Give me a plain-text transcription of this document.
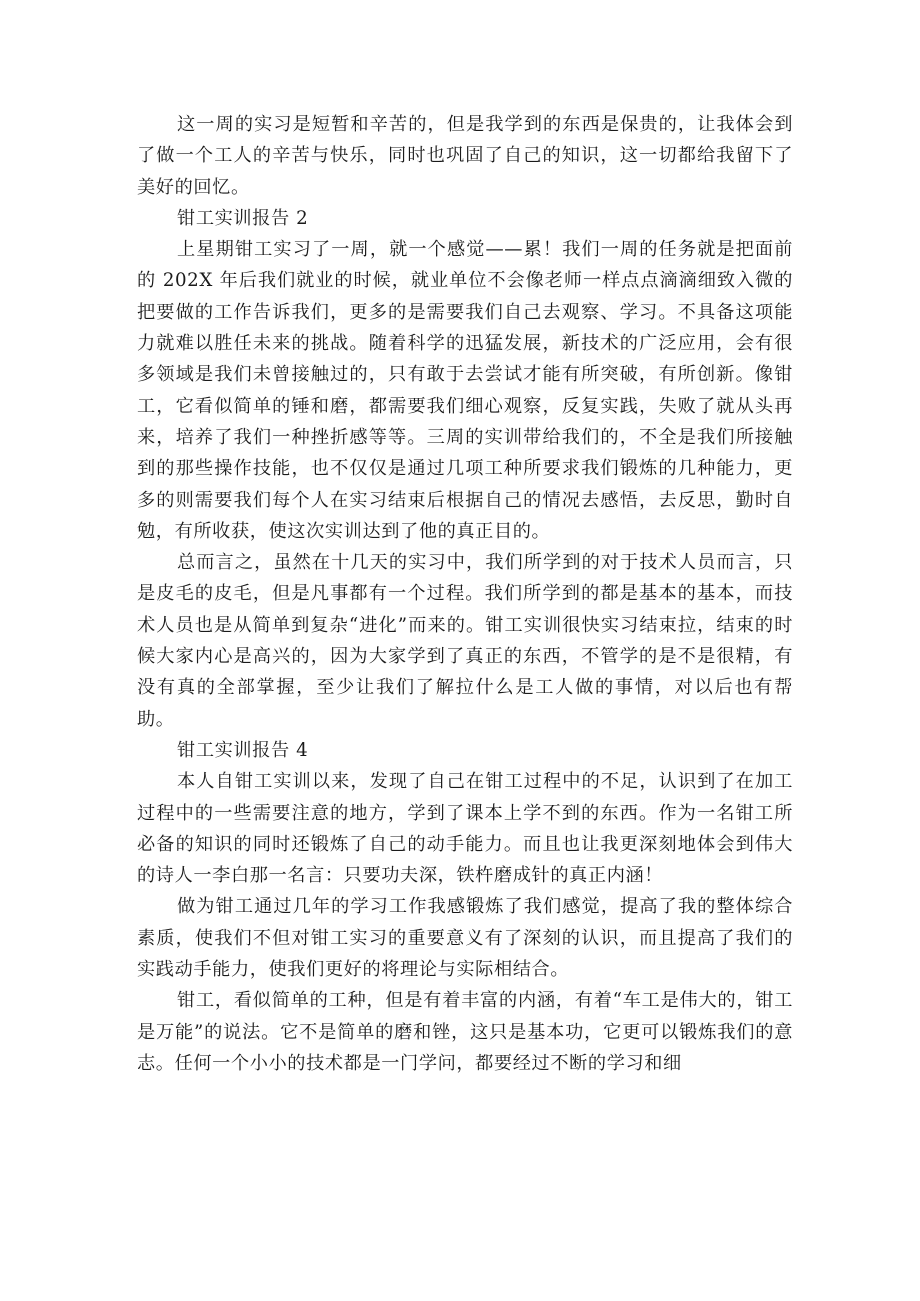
这一周的实习是短暂和辛苦的，但是我学到的东西是保贵的，让我体会到了做一个工人的辛苦与快乐，同时也巩固了自己的知识，这一切都给我留下了美好的回忆。

钳工实训报告 2

上星期钳工实习了一周，就一个感觉——累！我们一周的任务就是把面前的 202X 年后我们就业的时候，就业单位不会像老师一样点点滴滴细致入微的把要做的工作告诉我们，更多的是需要我们自己去观察、学习。不具备这项能力就难以胜任未来的挑战。随着科学的迅猛发展，新技术的广泛应用，会有很多领域是我们未曾接触过的，只有敢于去尝试才能有所突破，有所创新。像钳工，它看似简单的锤和磨，都需要我们细心观察，反复实践，失败了就从头再来，培养了我们一种挫折感等等。三周的实训带给我们的，不全是我们所接触到的那些操作技能，也不仅仅是通过几项工种所要求我们锻炼的几种能力，更多的则需要我们每个人在实习结束后根据自己的情况去感悟，去反思，勤时自勉，有所收获，使这次实训达到了他的真正目的。

总而言之，虽然在十几天的实习中，我们所学到的对于技术人员而言，只是皮毛的皮毛，但是凡事都有一个过程。我们所学到的都是基本的基本，而技术人员也是从简单到复杂“进化”而来的。钳工实训很快实习结束拉，结束的时候大家内心是高兴的，因为大家学到了真正的东西，不管学的是不是很精，有没有真的全部掌握，至少让我们了解拉什么是工人做的事情，对以后也有帮助。

钳工实训报告 4

本人自钳工实训以来，发现了自己在钳工过程中的不足，认识到了在加工过程中的一些需要注意的地方，学到了课本上学不到的东西。作为一名钳工所必备的知识的同时还锻炼了自己的动手能力。而且也让我更深刻地体会到伟大的诗人一李白那一名言：只要功夫深，铁杵磨成针的真正内涵！

做为钳工通过几年的学习工作我感锻炼了我们感觉，提高了我的整体综合素质，使我们不但对钳工实习的重要意义有了深刻的认识，而且提高了我们的实践动手能力，使我们更好的将理论与实际相结合。

钳工，看似简单的工种，但是有着丰富的内涵，有着“车工是伟大的，钳工是万能”的说法。它不是简单的磨和锉，这只是基本功，它更可以锻炼我们的意志。任何一个小小的技术都是一门学问，都要经过不断的学习和细
